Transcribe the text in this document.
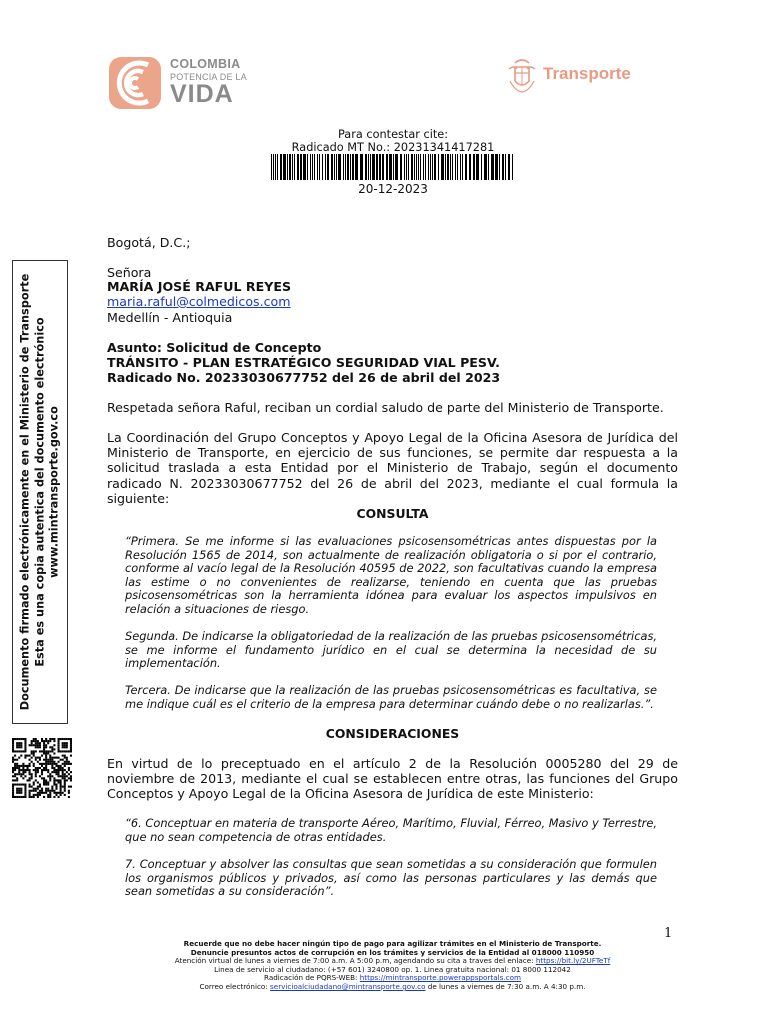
COLOMBIA
POTENCIA DE LA
VIDA
Transporte
Para contestar cite:
Radicado MT No.: 20231341417281
20-12-2023
Documento firmado electrónicamente en el Ministerio de Transporte Esta es una copia autentica del documento electrónico www.mintransporte.gov.co
Bogotá, D.C.;
Señora
MARÍA JOSÉ RAFUL REYES
maria.raful@colmedicos.com
Medellín - Antioquia
Asunto: Solicitud de Concepto
TRÁNSITO - PLAN ESTRATÉGICO SEGURIDAD VIAL PESV.
Radicado No. 20233030677752 del 26 de abril del 2023
Respetada señora Raful, reciban un cordial saludo de parte del Ministerio de Transporte.
La Coordinación del Grupo Conceptos y Apoyo Legal de la Oficina Asesora de Jurídica del Ministerio de Transporte, en ejercicio de sus funciones, se permite dar respuesta a la solicitud traslada a esta Entidad por el Ministerio de Trabajo, según el documento radicado N. 20233030677752 del 26 de abril del 2023, mediante el cual formula la siguiente:
CONSULTA
“Primera. Se me informe si las evaluaciones psicosensométricas antes dispuestas por la Resolución 1565 de 2014, son actualmente de realización obligatoria o si por el contrario, conforme al vacío legal de la Resolución 40595 de 2022, son facultativas cuando la empresa las estime o no convenientes de realizarse, teniendo en cuenta que las pruebas psicosensométricas son la herramienta idónea para evaluar los aspectos impulsivos en relación a situaciones de riesgo.
Segunda. De indicarse la obligatoriedad de la realización de las pruebas psicosensométricas, se me informe el fundamento jurídico en el cual se determina la necesidad de su implementación.
Tercera. De indicarse que la realización de las pruebas psicosensométricas es facultativa, se me indique cuál es el criterio de la empresa para determinar cuándo debe o no realizarlas.”.
CONSIDERACIONES
En virtud de lo preceptuado en el artículo 2 de la Resolución 0005280 del 29 de noviembre de 2013, mediante el cual se establecen entre otras, las funciones del Grupo Conceptos y Apoyo Legal de la Oficina Asesora de Jurídica de este Ministerio:
“6. Conceptuar en materia de transporte Aéreo, Marítimo, Fluvial, Férreo, Masivo y Terrestre, que no sean competencia de otras entidades.
7. Conceptuar y absolver las consultas que sean sometidas a su consideración que formulen los organismos públicos y privados, así como las personas particulares y las demás que sean sometidas a su consideración”.
1
Recuerde que no debe hacer ningún tipo de pago para agilizar trámites en el Ministerio de Transporte.
Denuncie presuntos actos de corrupción en los trámites y servicios de la Entidad al 018000 110950
Atención virtual de lunes a viernes de 7:00 a.m. A 5:00 p.m, agendando su cita a traves del enlace: https://bit.ly/2UFTeTf
Linea de servicio al ciudadano: (+57 601) 3240800 op. 1. Linea gratuita nacional: 01 8000 112042
Radicación de PQRS-WEB: https://mintransporte.powerappsportals.com
Correo electrónico: servicioalciudadano@mintransporte.gov.co de lunes a viernes de 7:30 a.m. A 4:30 p.m.
